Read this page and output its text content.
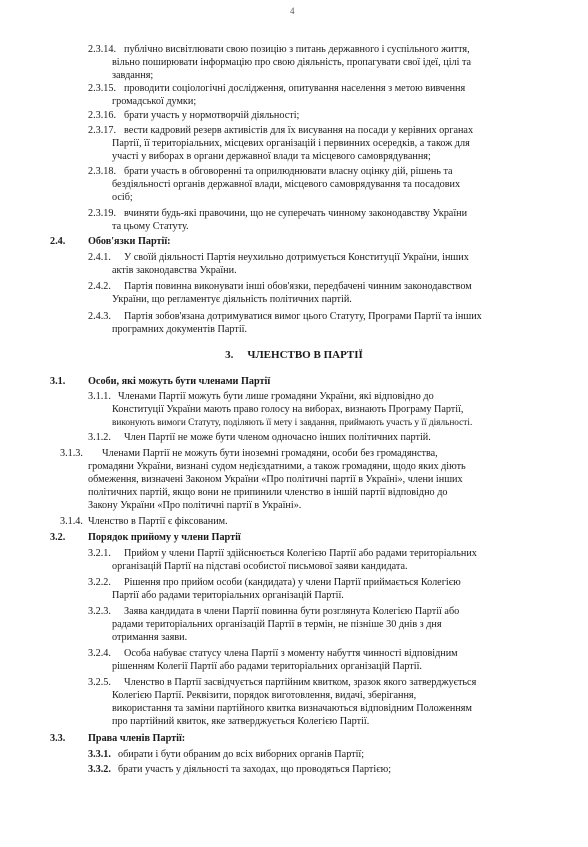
4
2.3.14. публічно висвітлювати свою позицію з питань державного і суспільного життя,
вільно поширювати інформацію про свою діяльність, пропагувати свої ідеї, цілі та
завдання;
2.3.15. проводити соціологічні дослідження, опитування населення з метою вивчення
громадської думки;
2.3.16. брати участь у нормотворчій діяльності;
2.3.17. вести кадровий резерв активістів для їх висування на посади у керівних органах
Партії, її територіальних, місцевих організацій і первинних осередків, а також для
участі у виборах в органи державної влади та місцевого самоврядування;
2.3.18. брати участь в обговоренні та оприлюднювати власну оцінку дій, рішень та
бездіяльності органів державної влади, місцевого самоврядування та посадових
осіб;
2.3.19. вчиняти будь-які правочини, що не суперечать чинному законодавству України
та цьому Статуту.
2.4. Обов'язки Партії:
2.4.1. У своїй діяльності Партія неухильно дотримується Конституції України, інших
актів законодавства України.
2.4.2. Партія повинна виконувати інші обов'язки, передбачені чинним законодавством
України, що регламентує діяльність політичних партій.
2.4.3. Партія зобов'язана дотримуватися вимог цього Статуту, Програми Партії та інших
програмних документів Партії.
3. ЧЛЕНСТВО В ПАРТІЇ
3.1. Особи, які можуть бути членами Партії
3.1.1. Членами Партії можуть бути лише громадяни України, які відповідно до
Конституції України мають право голосу на виборах, визнають Програму Партії,
виконують вимоги Статуту, поділяють її мету і завдання, приймають участь у її діяльності.
3.1.2. Член Партії не може бути членом одночасно інших політичних партій.
3.1.3. Членами Партії не можуть бути іноземні громадяни, особи без громадянства,
громадяни України, визнані судом недієздатними, а також громадяни, щодо яких діють
обмеження, визначені Законом України «Про політичні партії в Україні», члени інших
політичних партій, якщо вони не припинили членство в іншій партії відповідно до
Закону України «Про політичні партії в Україні».
3.1.4. Членство в Партії є фіксованим.
3.2. Порядок прийому у члени Партії
3.2.1. Прийом у члени Партії здійснюється Колегією Партії або радами територіальних
організацій Партії на підставі особистої письмової заяви кандидата.
3.2.2. Рішення про прийом особи (кандидата) у члени Партії приймається Колегією
Партії або радами територіальних організацій Партії.
3.2.3. Заява кандидата в члени Партії повинна бути розглянута Колегією Партії або
радами територіальних організацій Партії в термін, не пізніше 30 днів з дня
отримання заяви.
3.2.4. Особа набуває статусу члена Партії з моменту набуття чинності відповідним
рішенням Колегії Партії або радами територіальних організацій Партії.
3.2.5. Членство в Партії засвідчується партійним квитком, зразок якого затверджується
Колегією Партії. Реквізити, порядок виготовлення, видачі, зберігання,
використання та заміни партійного квитка визначаються відповідним Положенням
про партійний квиток, яке затверджується Колегією Партії.
3.3. Права членів Партії:
3.3.1. обирати і бути обраним до всіх виборних органів Партії;
3.3.2. брати участь у діяльності та заходах, що проводяться Партією;
